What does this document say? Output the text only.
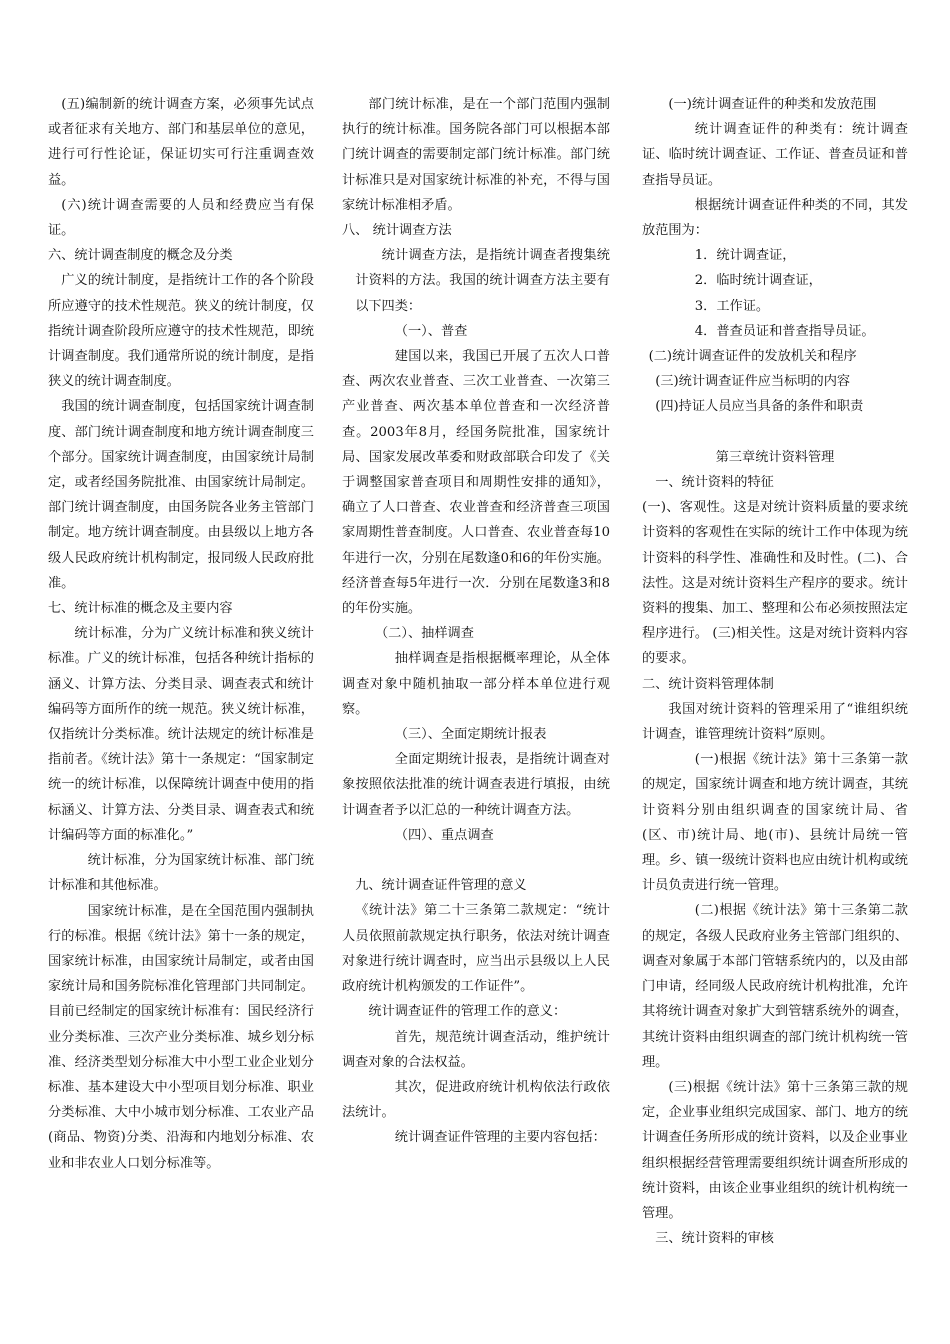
(五)编制新的统计调查方案，必须事先试点或者征求有关地方、部门和基层单位的意见，进行可行性论证，保证切实可行注重调查效益。

(六)统计调查需要的人员和经费应当有保证。

六、统计调查制度的概念及分类

广义的统计制度，是指统计工作的各个阶段所应遵守的技术性规范。狭义的统计制度，仅指统计调查阶段所应遵守的技术性规范，即统计调查制度。我们通常所说的统计制度，是指狭义的统计调查制度。

我国的统计调查制度，包括国家统计调查制度、部门统计调查制度和地方统计调查制度三个部分。国家统计调查制度，由国家统计局制定，或者经国务院批准、由国家统计局制定。部门统计调查制度，由国务院各业务主管部门制定。地方统计调查制度。由县级以上地方各级人民政府统计机构制定，报同级人民政府批准。

七、统计标准的概念及主要内容

统计标准，分为广义统计标准和狭义统计标准。广义的统计标准，包括各种统计指标的涵义、计算方法、分类目录、调查表式和统计编码等方面所作的统一规范。狭义统计标准，仅指统计分类标准。统计法规定的统计标准是指前者。《统计法》第十一条规定：“国家制定统一的统计标准，以保障统计调查中使用的指标涵义、计算方法、分类目录、调查表式和统计编码等方面的标准化。”

统计标准，分为国家统计标准、部门统计标准和其他标准。

国家统计标准，是在全国范围内强制执行的标准。根据《统计法》第十一条的规定，国家统计标准，由国家统计局制定，或者由国家统计局和国务院标准化管理部门共同制定。目前已经制定的国家统计标准有：国民经济行业分类标准、三次产业分类标准、城乡划分标准、经济类型划分标准大中小型工业企业划分标准、基本建设大中小型项目划分标准、职业分类标准、大中小城市划分标准、工农业产品(商品、物资)分类、沿海和内地划分标准、农业和非农业人口划分标准等。

部门统计标准，是在一个部门范围内强制执行的统计标准。国务院各部门可以根据本部门统计调查的需要制定部门统计标准。部门统计标准只是对国家统计标准的补充，不得与国家统计标准相矛盾。

八、 统计调查方法

统计调查方法，是指统计调查者搜集统计资料的方法。我国的统计调查方法主要有以下四类：

（一）、普查

建国以来，我国已开展了五次人口普查、两次农业普查、三次工业普查、一次第三产业普查、两次基本单位普查和一次经济普查。2003年8月，经国务院批准，国家统计局、国家发展改革委和财政部联合印发了《关于调整国家普查项目和周期性安排的通知》，确立了人口普查、农业普查和经济普查三项国家周期性普查制度。人口普查、农业普查每10年进行一次，分别在尾数逢0和6的年份实施。经济普查每5年进行一次．分别在尾数逢3和8的年份实施。

（二）、抽样调查

抽样调查是指根据概率理论，从全体调查对象中随机抽取一部分样本单位进行观察。

（三）、全面定期统计报表

全面定期统计报表，是指统计调查对象按照依法批准的统计调查表进行填报，由统计调查者予以汇总的一种统计调查方法。

（四）、重点调查

九、统计调查证件管理的意义

《统计法》第二十三条第二款规定：“统计人员依照前款规定执行职务，依法对统计调查对象进行统计调查时，应当出示县级以上人民政府统计机构颁发的工作证件”。

统计调查证件的管理工作的意义：

首先，规范统计调查活动，维护统计调查对象的合法权益。

其次，促进政府统计机构依法行政依法统计。

统计调查证件管理的主要内容包括：

(一)统计调查证件的种类和发放范围

统计调查证件的种类有：统计调查证、临时统计调查证、工作证、普查员证和普查指导员证。

根据统计调查证件种类的不同，其发放范围为：

1．统计调查证，

2．临时统计调查证，

3．工作证。

4．普查员证和普查指导员证。

(二)统计调查证件的发放机关和程序

(三)统计调查证件应当标明的内容

(四)持证人员应当具备的条件和职责

第三章统计资料管理

一、统计资料的特征

(一)、客观性。这是对统计资料质量的要求统计资料的客观性在实际的统计工作中体现为统计资料的科学性、准确性和及时性。(二)、合法性。这是对统计资料生产程序的要求。统计资料的搜集、加工、整理和公布必须按照法定程序进行。 (三)相关性。这是对统计资料内容的要求。

二、统计资料管理体制

我国对统计资料的管理采用了“谁组织统计调查，谁管理统计资料”原则。

(一)根据《统计法》第十三条第一款的规定，国家统计调查和地方统计调查，其统计资料分别由组织调查的国家统计局、省(区、市)统计局、地(市)、县统计局统一管理。乡、镇一级统计资料也应由统计机构或统计员负责进行统一管理。

(二)根据《统计法》第十三条第二款的规定，各级人民政府业务主管部门组织的、调查对象属于本部门管辖系统内的，以及由部门申请，经同级人民政府统计机构批准，允许其将统计调查对象扩大到管辖系统外的调查，其统计资料由组织调查的部门统计机构统一管理。

(三)根据《统计法》第十三条第三款的规定，企业事业组织完成国家、部门、地方的统计调查任务所形成的统计资料，以及企业事业组织根据经营管理需要组织统计调查所形成的统计资料，由该企业事业组织的统计机构统一管理。

三、统计资料的审核
